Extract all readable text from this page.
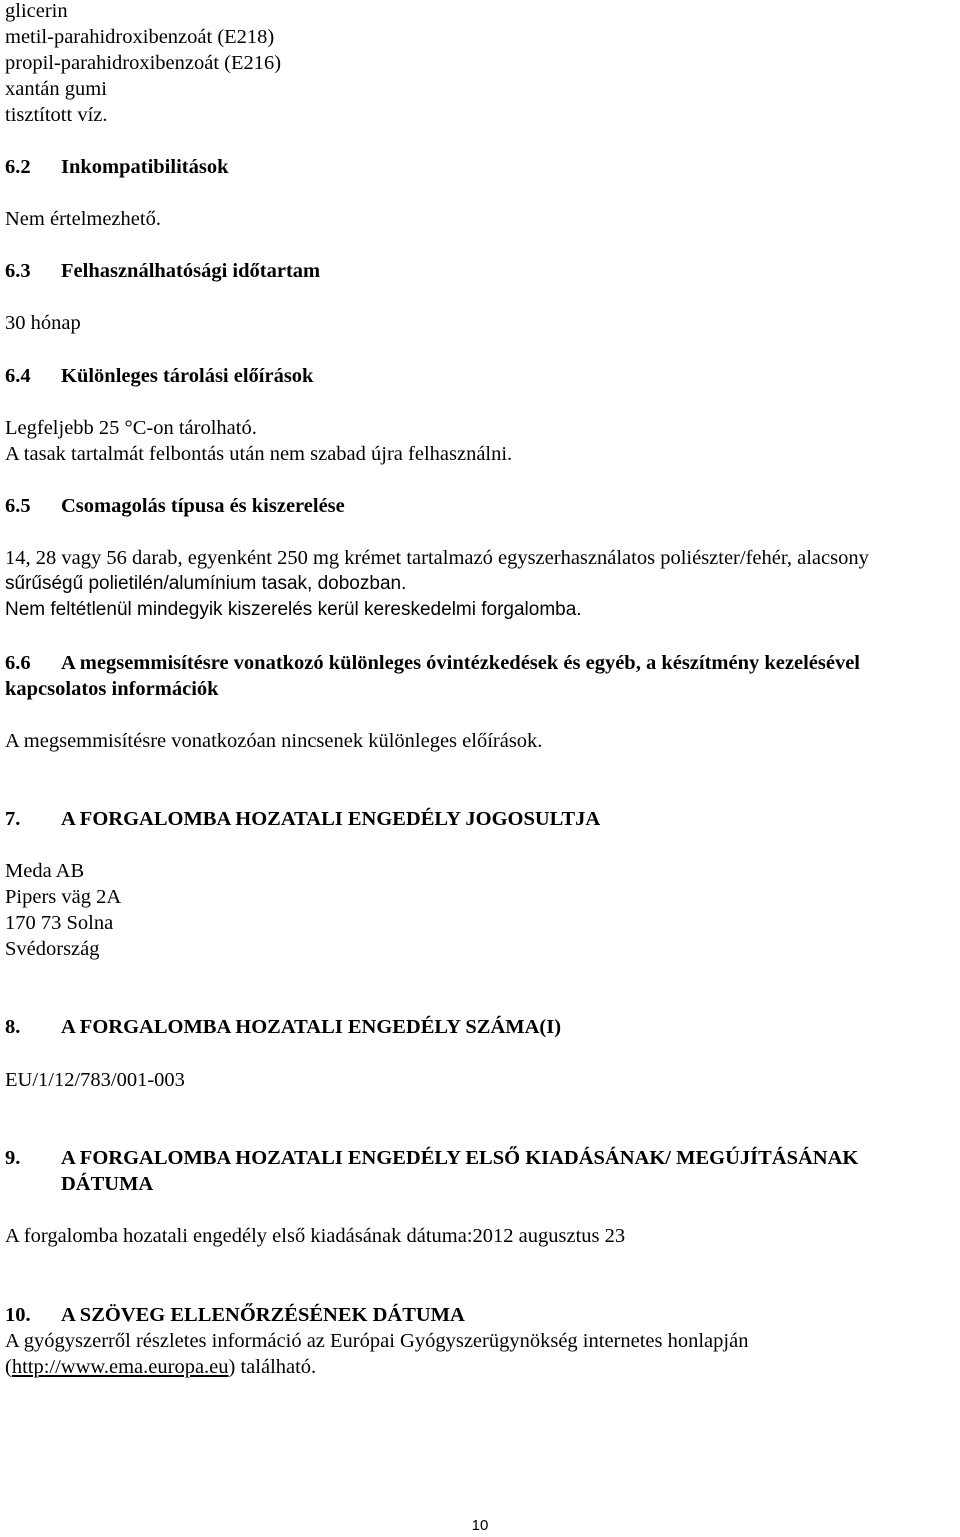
glicerin
metil-parahidroxibenzoát (E218)
propil-parahidroxibenzoát (E216)
xantán gumi
tisztított víz.
6.2 Inkompatibilitások
Nem értelmezhető.
6.3 Felhasználhatósági időtartam
30 hónap
6.4 Különleges tárolási előírások
Legfeljebb 25 °C-on tárolható.
A tasak tartalmát felbontás után nem szabad újra felhasználni.
6.5 Csomagolás típusa és kiszerelése
14, 28 vagy 56 darab, egyenként 250 mg krémet tartalmazó egyszerhasználatos poliészter/fehér, alacsony
sűrűségű polietilén/alumínium tasak, dobozban.
Nem feltétlenül mindegyik kiszerelés kerül kereskedelmi forgalomba.
6.6 A megsemmisítésre vonatkozó különleges óvintézkedések és egyéb, a készítmény kezelésével
kapcsolatos információk
A megsemmisítésre vonatkozóan nincsenek különleges előírások.
7. A FORGALOMBA HOZATALI ENGEDÉLY JOGOSULTJA
Meda AB
Pipers väg 2A
170 73 Solna
Svédország
8. A FORGALOMBA HOZATALI ENGEDÉLY SZÁMA(I)
EU/1/12/783/001-003
9. A FORGALOMBA HOZATALI ENGEDÉLY ELSŐ KIADÁSÁNAK/ MEGÚJÍTÁSÁNAK
DÁTUMA
A forgalomba hozatali engedély első kiadásának dátuma:2012 augusztus 23
10. A SZÖVEG ELLENŐRZÉSÉNEK DÁTUMA
A gyógyszerről részletes információ az Európai Gyógyszerügynökség internetes honlapján
(http://www.ema.europa.eu) található.
10
